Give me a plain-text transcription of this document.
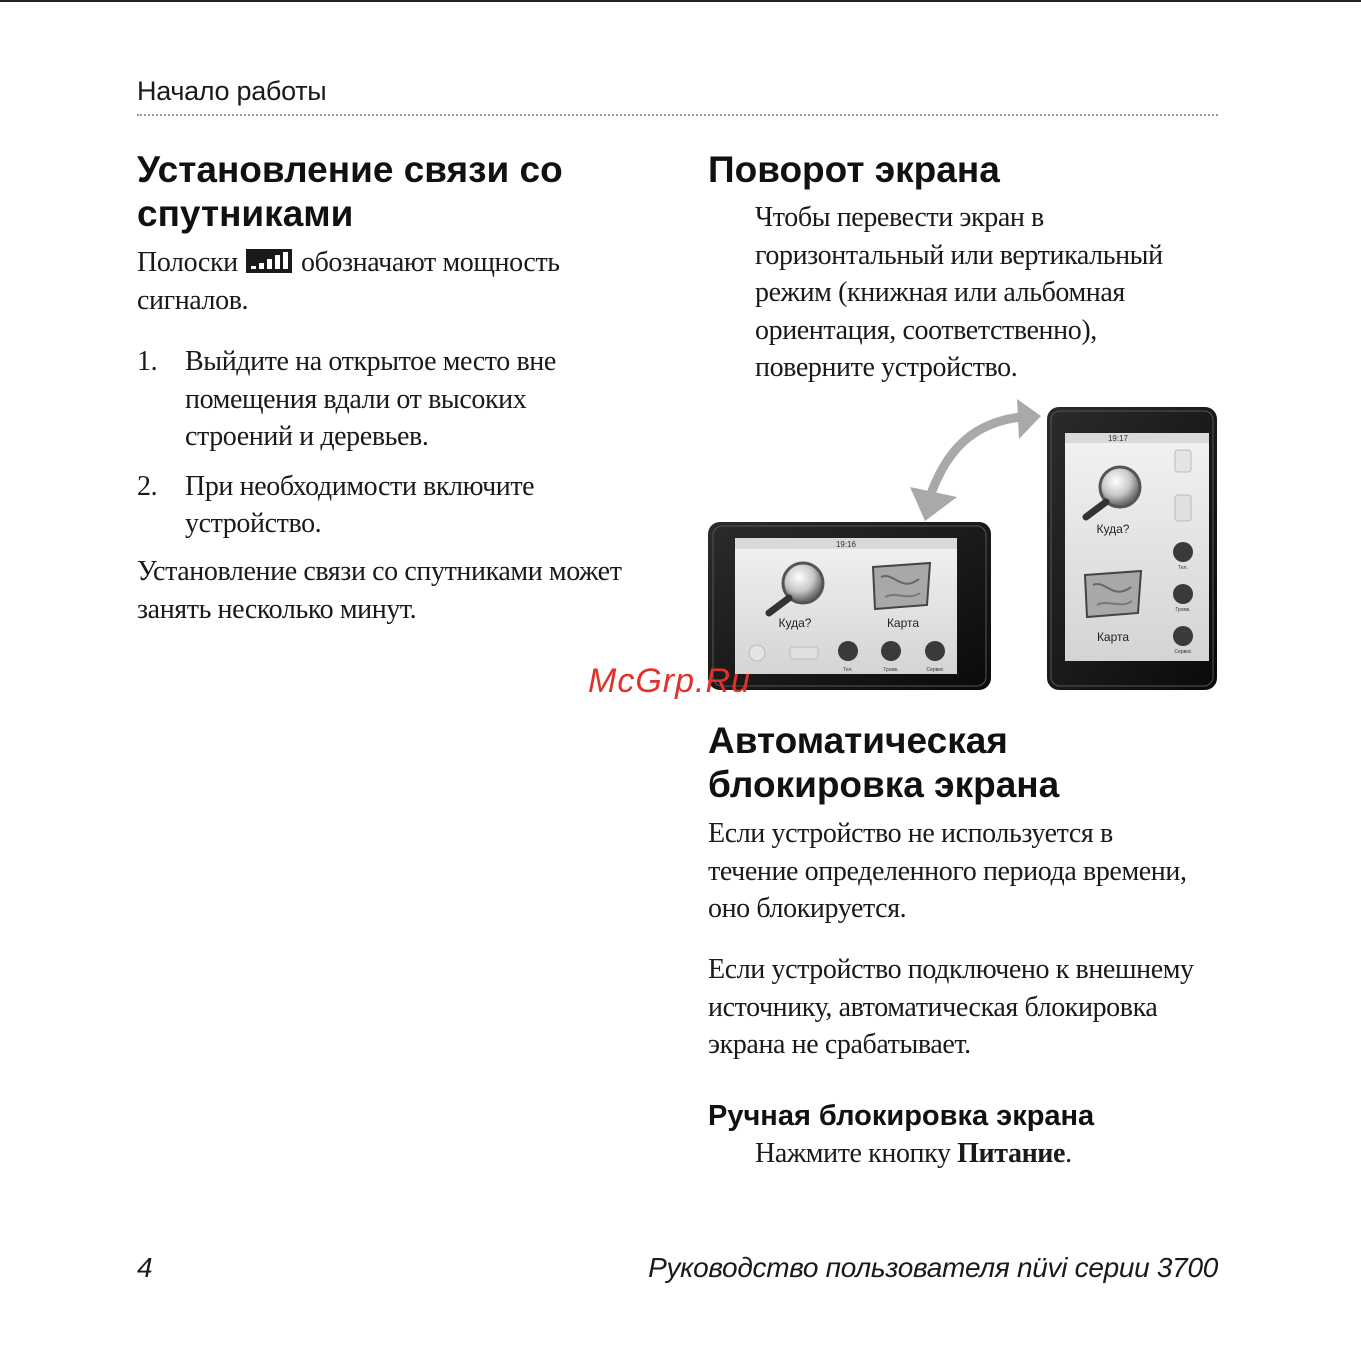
Начало работы
Установление связи со
спутниками

Полоски обозначают мощность
сигналов.

1. Выйдите на открытое место вне помещения вдали от высоких строений и деревьев.
2. При необходимости включите устройство.

Установление связи со спутниками может
занять несколько минут.

Поворот экрана

Чтобы перевести экран в
горизонтальный или вертикальный
режим (книжная или альбомная
ориентация, соответственно),
поверните устройство.

19:16
Куда?	Карта
Тел.	Громк.	Сервис
19:17
Куда?
Карта
Тел.
Громк.
Сервис
McGrp.Ru
Автоматическая
блокировка экрана

Если устройство не используется в
течение определенного периода времени,
оно блокируется.

Если устройство подключено к внешнему
источнику, автоматическая блокировка
экрана не срабатывает.

Ручная блокировка экрана

Нажмите кнопку Питание.

4	Руководство пользователя nüvi серии 3700
